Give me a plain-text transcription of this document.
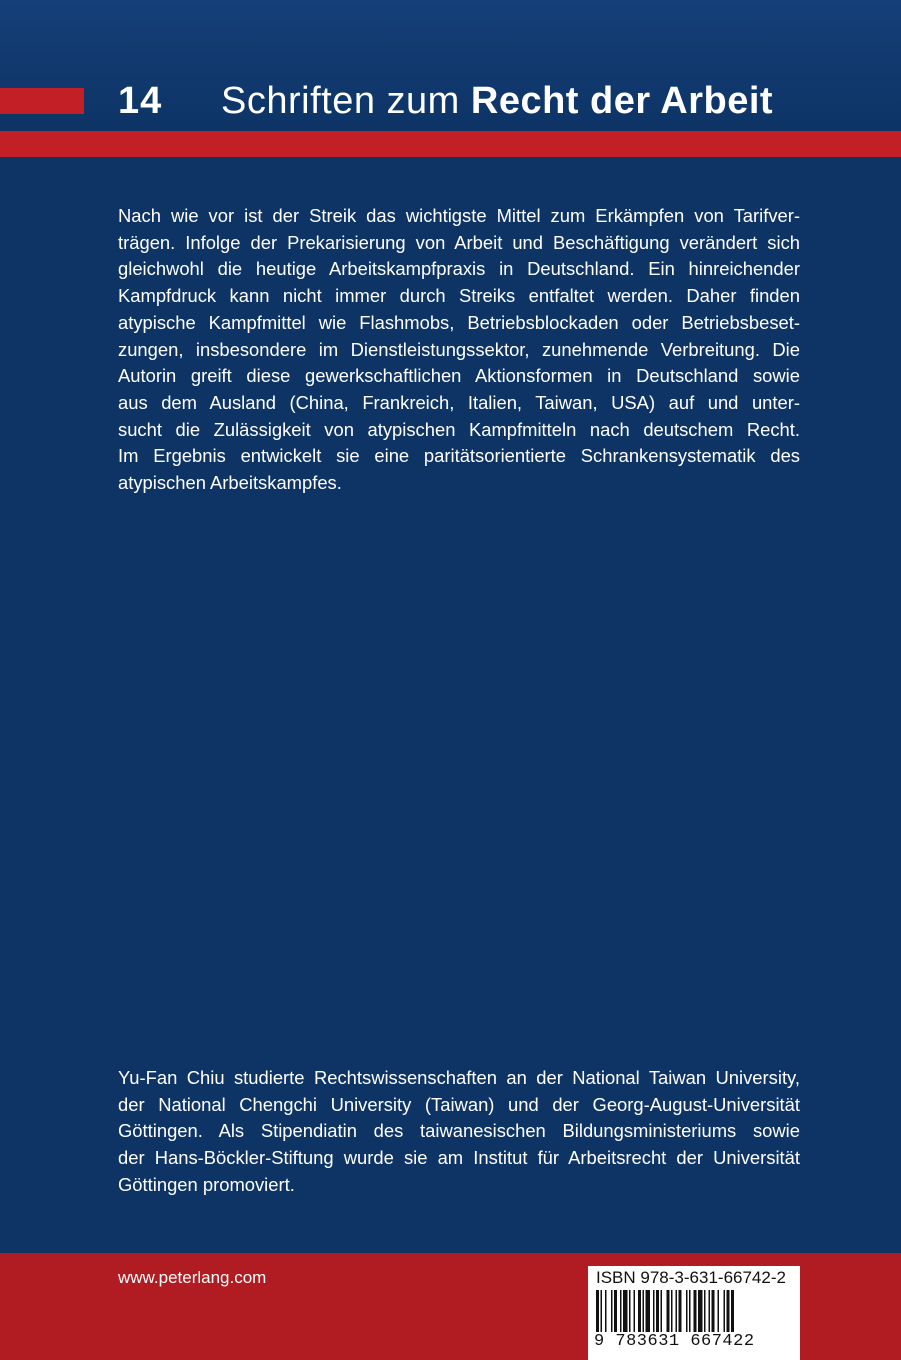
14 Schriften zum Recht der Arbeit
Nach wie vor ist der Streik das wichtigste Mittel zum Erkämpfen von Tarifver-
trägen. Infolge der Prekarisierung von Arbeit und Beschäftigung verändert sich
gleichwohl die heutige Arbeitskampfpraxis in Deutschland. Ein hinreichender
Kampfdruck kann nicht immer durch Streiks entfaltet werden. Daher finden
atypische Kampfmittel wie Flashmobs, Betriebsblockaden oder Betriebsbeset-
zungen, insbesondere im Dienstleistungssektor, zunehmende Verbreitung. Die
Autorin greift diese gewerkschaftlichen Aktionsformen in Deutschland sowie
aus dem Ausland (China, Frankreich, Italien, Taiwan, USA) auf und unter-
sucht die Zulässigkeit von atypischen Kampfmitteln nach deutschem Recht.
Im Ergebnis entwickelt sie eine paritätsorientierte Schrankensystematik des
atypischen Arbeitskampfes.
Yu-Fan Chiu studierte Rechtswissenschaften an der National Taiwan University,
der National Chengchi University (Taiwan) und der Georg-August-Universität
Göttingen. Als Stipendiatin des taiwanesischen Bildungsministeriums sowie
der Hans-Böckler-Stiftung wurde sie am Institut für Arbeitsrecht der Universität
Göttingen promoviert.
www.peterlang.com	ISBN 978-3-631-66742-2
9 783631 667422
